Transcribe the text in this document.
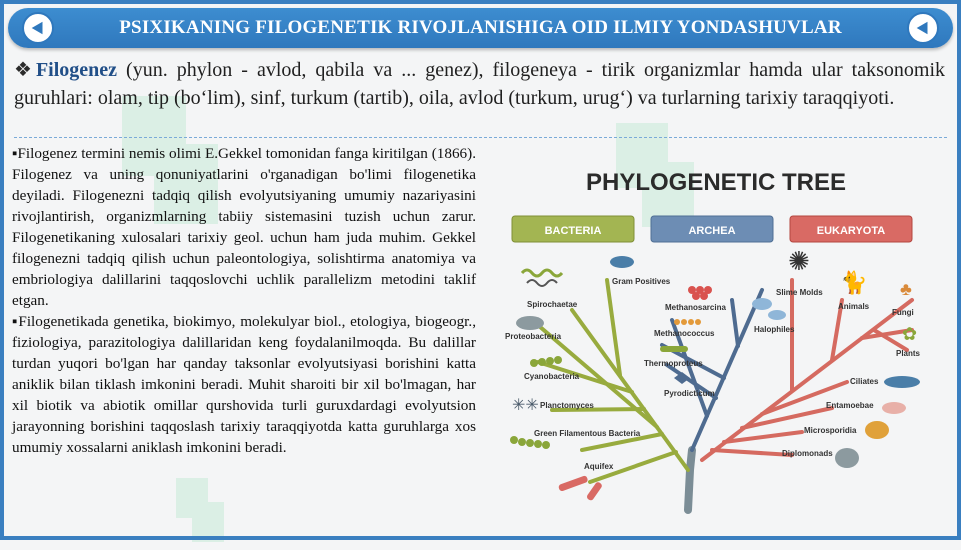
PSIXIKANING FILOGENETIK RIVOJLANISHIGA OID ILMIY YONDASHUVLAR
❖Filogenez (yun. phylon - avlod, qabila va ... genez), filogeneya - tirik organizmlar hamda ular taksonomik guruhlari: olam, tip (bo‘lim), sinf, turkum (tartib), oila, avlod (turkum, urug‘) va turlarning tarixiy taraqqiyoti.

▪Filogenez termini nemis olimi E.Gekkel tomonidan fanga kiritilgan (1866). Filogenez va uning qonuniyatlarini o'rganadigan bo'limi filogenetika deyiladi. Filogenezni tadqiq qilish evolyutsiyaning umumiy nazariyasini rivojlantirish, organizmlarning tabiiy sistemasini tuzish uchun zarur. Filogenetikaning xulosalari tarixiy geol. uchun ham juda muhim. Gekkel filogenezni tadqiq qilish uchun paleontologiya, solishtirma anatomiya va embriologiya dalillarini taqqoslovchi uchlik parallelizm metodini taklif etgan.

▪Filogenetikada genetika, biokimyo, molekulyar biol., etologiya, biogeogr., fiziologiya, parazitologiya dalillaridan keng foydalanilmoqda. Bu dalillar turdan yuqori bo'lgan har qanday taksonlar evolyutsiyasi borishini katta aniklik bilan tiklash imkonini beradi. Muhit sharoiti bir xil bo'lmagan, har xil biotik va abiotik omillar qurshovida turli guruxdardagi evolyutsion jarayonning borishini taqqoslash tarixiy taraqqiyotda katta guruhlarga xos umumiy xossalarni aniklash imkonini beradi.

PHYLOGENETIC TREE
BACTERIA	ARCHEA	EUKARYOTA
✳✳
✺
🐈 ♣
✿
Spirochaetae
Gram Positives
Proteobacteria
Cyanobacteria
Planctomyces
Green Filamentous Bacteria
Aquifex
Methanosarcina
Methanococcus	Halophiles
Thermoproteus
Pyrodicticum
Slime Molds
Animals
Fungi
Plants
Ciliates
Entamoebae
Microsporidia
Diplomonads
